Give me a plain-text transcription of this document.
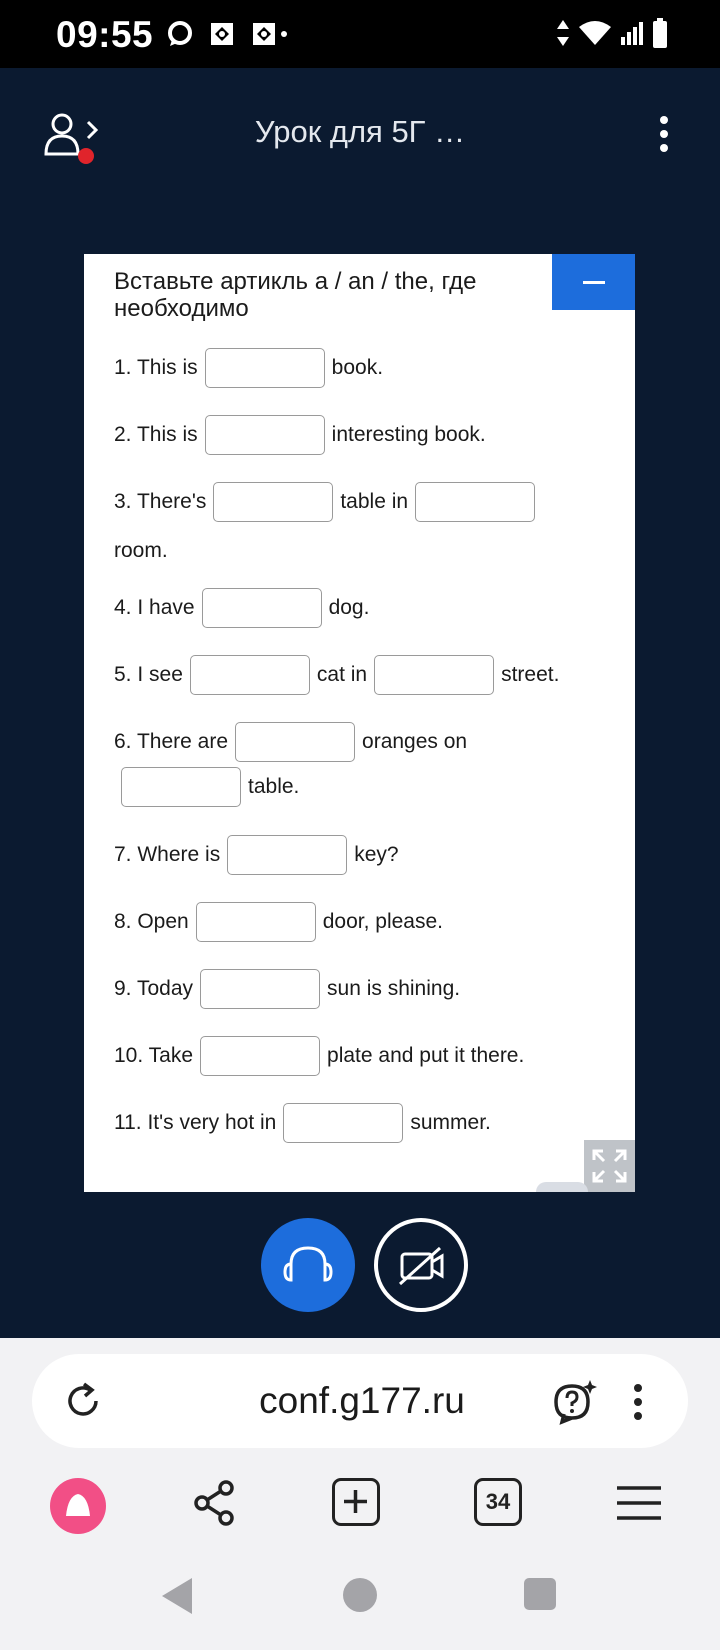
09:55
Урок для 5Г …
Вставьте артикль a / an / the, где необходимо
1. This is	book.
2. This is	interesting book.
3. There's	table in
room.
4. I have	dog.
5. I see	cat in	street.
6. There are	oranges on
table.
7. Where is	key?
8. Open	door, please.
9. Today	sun is shining.
10. Take	plate and put it there.
11. It's very hot in	summer.
conf.g177.ru
34
